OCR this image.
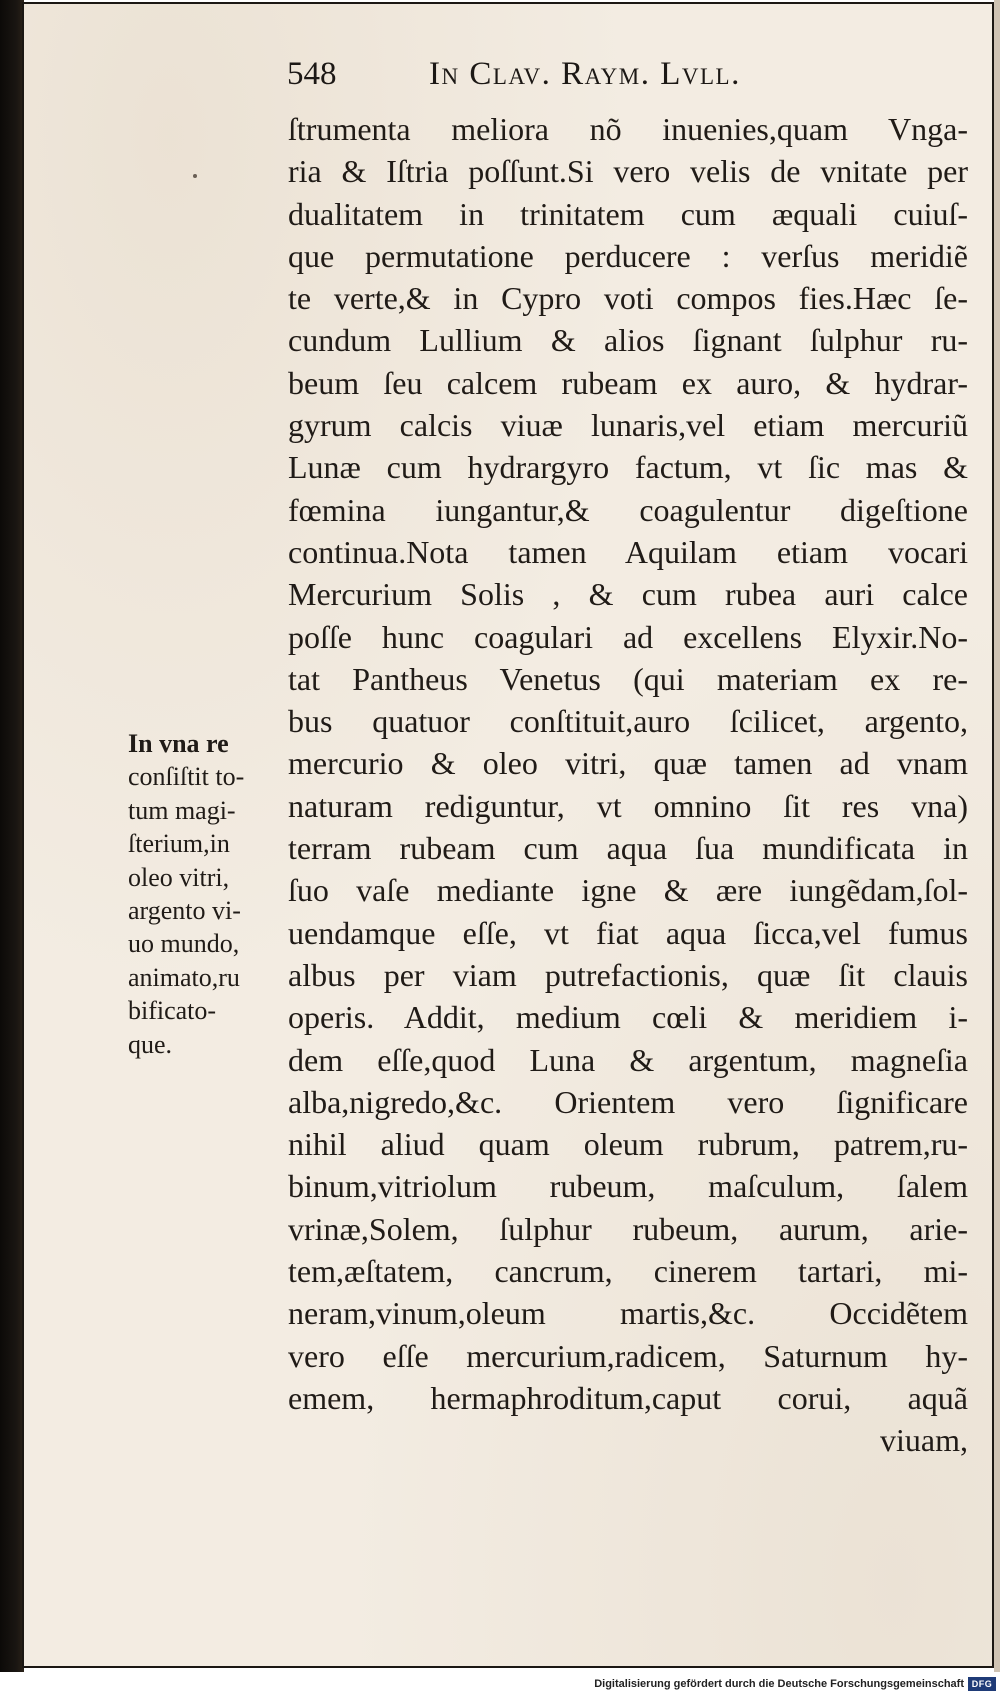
548	In Clav. Raym. Lvll.
ſtrumenta meliora nõ inuenies,quam Vnga-
ria & Iſtria poſſunt.Si vero velis de vnitate per
dualitatem in trinitatem cum æquali cuiuſ-
que permutatione perducere : verſus meridiẽ
te verte,& in Cypro voti compos fies.Hæc ſe-
cundum Lullium & alios ſignant ſulphur ru-
beum ſeu calcem rubeam ex auro, & hydrar-
gyrum calcis viuæ lunaris,vel etiam mercuriũ
Lunæ cum hydrargyro factum, vt ſic mas &
fœmina iungantur,& coagulentur digeſtione
continua.Nota tamen Aquilam etiam vocari
Mercurium Solis , & cum rubea auri calce
poſſe hunc coagulari ad excellens Elyxir.No-
tat Pantheus Venetus (qui materiam ex re-
bus quatuor conſtituit,auro ſcilicet, argento,
mercurio & oleo vitri, quæ tamen ad vnam
naturam rediguntur, vt omnino ſit res vna)
terram rubeam cum aqua ſua mundificata in
ſuo vaſe mediante igne & ære iungẽdam,ſol-
uendamque eſſe, vt fiat aqua ſicca,vel fumus
albus per viam putrefactionis, quæ ſit clauis
operis. Addit, medium cœli & meridiem i-
dem eſſe,quod Luna & argentum, magneſia
alba,nigredo,&c. Orientem vero ſignificare
nihil aliud quam oleum rubrum, patrem,ru-
binum,vitriolum rubeum, maſculum, ſalem
vrinæ,Solem, ſulphur rubeum, aurum, arie-
tem,æſtatem, cancrum, cinerem tartari, mi-
neram,vinum,oleum martis,&c. Occidẽtem
vero eſſe mercurium,radicem, Saturnum hy-
emem, hermaphroditum,caput corui, aquã
viuam,
In vna re
conſiſtit to-
tum magi-
ſterium,in
oleo vitri,
argento vi-
uo mundo,
animato,ru
bificato-
que.
Digitalisierung gefördert durch die Deutsche Forschungsgemeinschaft DFG
